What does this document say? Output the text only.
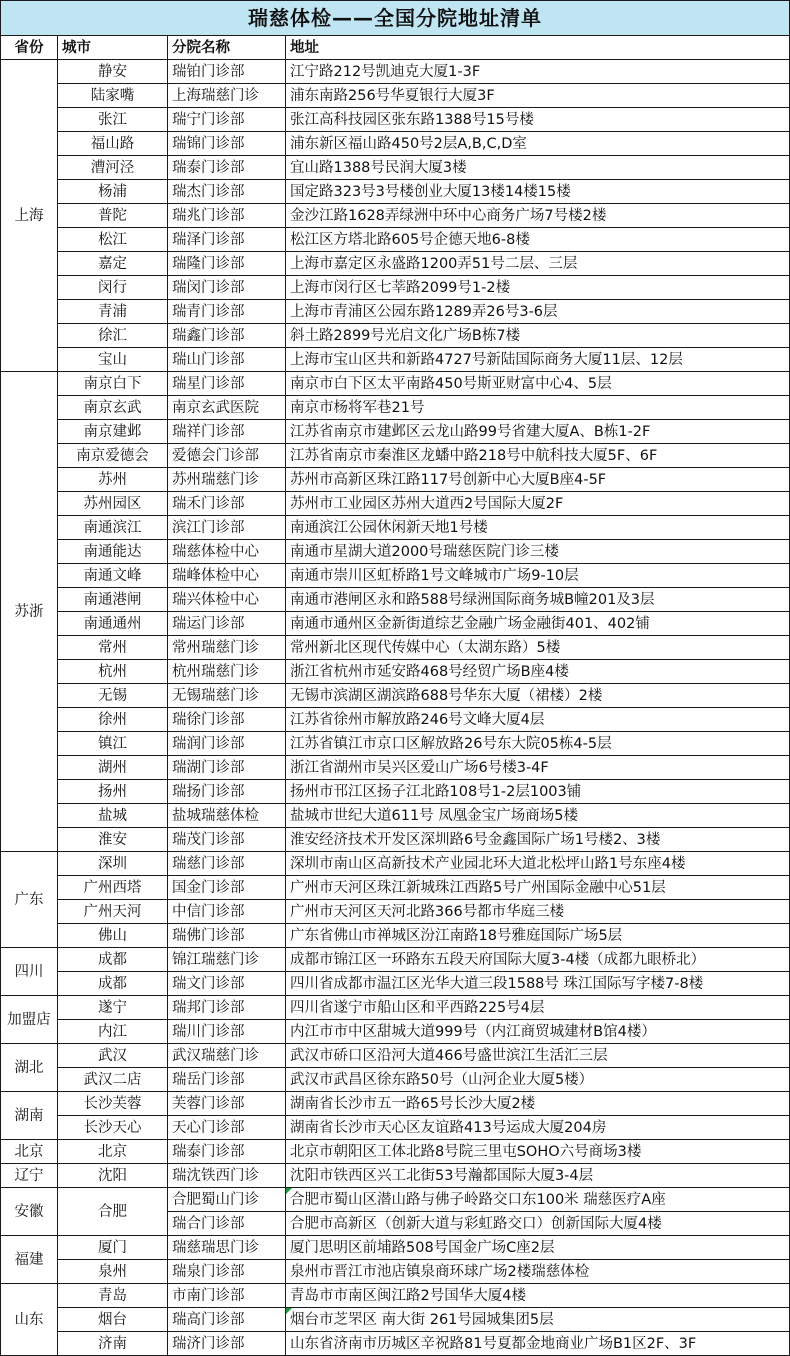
瑞慈体检——全国分院地址清单			
省份	城市	分院名称	地址
上海	静安	瑞铂门诊部	江宁路212号凯迪克大厦1-3F
	陆家嘴	上海瑞慈门诊	浦东南路256号华夏银行大厦3F
	张江	瑞宁门诊部	张江高科技园区张东路1388号15号楼
	福山路	瑞锦门诊部	浦东新区福山路450号2层A,B,C,D室
	漕河泾	瑞泰门诊部	宜山路1388号民润大厦3楼
	杨浦	瑞杰门诊部	国定路323号3号楼创业大厦13楼14楼15楼
	普陀	瑞兆门诊部	金沙江路1628弄绿洲中环中心商务广场7号楼2楼
	松江	瑞泽门诊部	松江区方塔北路605号企德天地6-8楼
	嘉定	瑞隆门诊部	上海市嘉定区永盛路1200弄51号二层、三层
	闵行	瑞闵门诊部	上海市闵行区七莘路2099号1-2楼
	青浦	瑞青门诊部	上海市青浦区公园东路1289弄26号3-6层
	徐汇	瑞鑫门诊部	斜土路2899号光启文化广场B栋7楼
	宝山	瑞山门诊部	上海市宝山区共和新路4727号新陆国际商务大厦11层、12层
苏浙	南京白下	瑞星门诊部	南京市白下区太平南路450号斯亚财富中心4、5层
	南京玄武	南京玄武医院	南京市杨将军巷21号
	南京建邺	瑞祥门诊部	江苏省南京市建邺区云龙山路99号省建大厦A、B栋1-2F
	南京爱德会	爱德会门诊部	江苏省南京市秦淮区龙蟠中路218号中航科技大厦5F、6F
	苏州	苏州瑞慈门诊	苏州市高新区珠江路117号创新中心大厦B座4-5F
	苏州园区	瑞禾门诊部	苏州市工业园区苏州大道西2号国际大厦2F
	南通滨江	滨江门诊部	南通滨江公园休闲新天地1号楼
	南通能达	瑞慈体检中心	南通市星湖大道2000号瑞慈医院门诊三楼
	南通文峰	瑞峰体检中心	南通市崇川区虹桥路1号文峰城市广场9-10层
	南通港闸	瑞兴体检中心	南通市港闸区永和路588号绿洲国际商务城B幢201及3层
	南通通州	瑞运门诊部	南通市通州区金新街道综艺金融广场金融街401、402铺
	常州	常州瑞慈门诊	常州新北区现代传媒中心（太湖东路）5楼
	杭州	杭州瑞慈门诊	浙江省杭州市延安路468号经贸广场B座4楼
	无锡	无锡瑞慈门诊	无锡市滨湖区湖滨路688号华东大厦（裙楼）2楼
	徐州	瑞徐门诊部	江苏省徐州市解放路246号文峰大厦4层
	镇江	瑞润门诊部	江苏省镇江市京口区解放路26号东大院05栋4-5层
	湖州	瑞湖门诊部	浙江省湖州市吴兴区爱山广场6号楼3-4F
	扬州	瑞扬门诊部	扬州市邗江区扬子江北路108号1-2层1003铺
	盐城	盐城瑞慈体检	盐城市世纪大道611号 凤凰金宝广场商场5楼
	淮安	瑞茂门诊部	淮安经济技术开发区深圳路6号金鑫国际广场1号楼2、3楼
广东	深圳	瑞慈门诊部	深圳市南山区高新技术产业园北环大道北松坪山路1号东座4楼
	广州西塔	国金门诊部	广州市天河区珠江新城珠江西路5号广州国际金融中心51层
	广州天河	中信门诊部	广州市天河区天河北路366号都市华庭三楼
	佛山	瑞佛门诊部	广东省佛山市禅城区汾江南路18号雅庭国际广场5层
四川	成都	锦江瑞慈门诊	成都市锦江区一环路东五段天府国际大厦3-4楼（成都九眼桥北）
	成都	瑞文门诊部	四川省成都市温江区光华大道三段1588号 珠江国际写字楼7-8楼
加盟店	遂宁	瑞邦门诊部	四川省遂宁市船山区和平西路225号4层
	内江	瑞川门诊部	内江市市中区甜城大道999号（内江商贸城建材B馆4楼）
湖北	武汉	武汉瑞慈门诊	武汉市硚口区沿河大道466号盛世滨江生活汇三层
	武汉二店	瑞岳门诊部	武汉市武昌区徐东路50号（山河企业大厦5楼）
湖南	长沙芙蓉	芙蓉门诊部	湖南省长沙市五一路65号长沙大厦2楼
	长沙天心	天心门诊部	湖南省长沙市天心区友谊路413号运成大厦204房
北京	北京	瑞泰门诊部	北京市朝阳区工体北路8号院三里屯SOHO六号商场3楼
辽宁	沈阳	瑞沈铁西门诊	沈阳市铁西区兴工北街53号瀚都国际大厦3-4层
安徽	合肥	合肥蜀山门诊	合肥市蜀山区潜山路与佛子岭路交口东100米 瑞慈医疗A座
		瑞合门诊部	合肥市高新区（创新大道与彩虹路交口）创新国际大厦4楼
福建	厦门	瑞慈瑞思门诊	厦门思明区前埔路508号国金广场C座2层
	泉州	瑞泉门诊部	泉州市晋江市池店镇泉商环球广场2楼瑞慈体检
山东	青岛	市南门诊部	青岛市市南区闽江路2号国华大厦4楼
	烟台	瑞高门诊部	烟台市芝罘区 南大街 261号园城集团5层
	济南	瑞济门诊部	山东省济南市历城区辛祝路81号夏都金地商业广场B1区2F、3F
